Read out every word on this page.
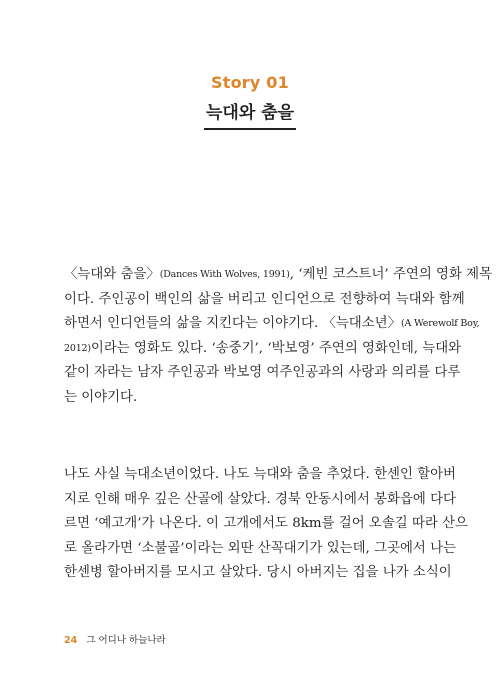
Story 01
늑대와 춤을
〈 늑 대 와
춤 을 〉 (Dances With Wolves, 1991) ,
‘ 케 빈
코 스 트 너 ’
주 연 의
영 화
제 목
이 다 .
주 인 공 이
백 인 의
삶 을
버 리 고
인 디 언 으 로
전 향 하 여
늑 대 와
함 께
하 면 서
인 디 언 들 의
삶 을
지 킨 다 는
이 야 기 다 .
〈 늑 대 소 년 〉 (A Werewolf Boy,
2012) 이 라 는
영 화 도
있 다 .
‘ 송 중 기 ’ ,
‘ 박 보 영 ’
주 연 의
영 화 인 데 ,
늑 대 와
같 이
자 라 는
남 자
주 인 공 과
박 보 영
여 주 인 공 과 의
사 랑 과
의 리 를
다 루
는
이 야 기 다 .
나 도
사 실
늑 대 소 년 이 었 다 .
나 도
늑 대 와
춤 을
추 었 다 .
한 센 인
할 아 버
지 로
인 해
매 우
깊 은
산 골 에
살 았 다 .
경 북
안 동 시 에 서
봉 화 읍 에
다 다
르 면
‘ 예 고 개 ’ 가
나 온 다 .
이
고 개 에 서 도
8 k m 를
걸 어
오 솔 길
따 라
산 으
로
올 라 가 면
‘ 소 불 골 ’ 이 라 는
외 딴
산 꼭 대 기 가
있 는 데 ,
그 곳 에 서
나 는
한 센 병
할 아 버 지 를
모 시 고
살 았 다 .
당 시
아 버 지 는
집 을
나 가
소 식 이
24 그 어디나 하늘나라
